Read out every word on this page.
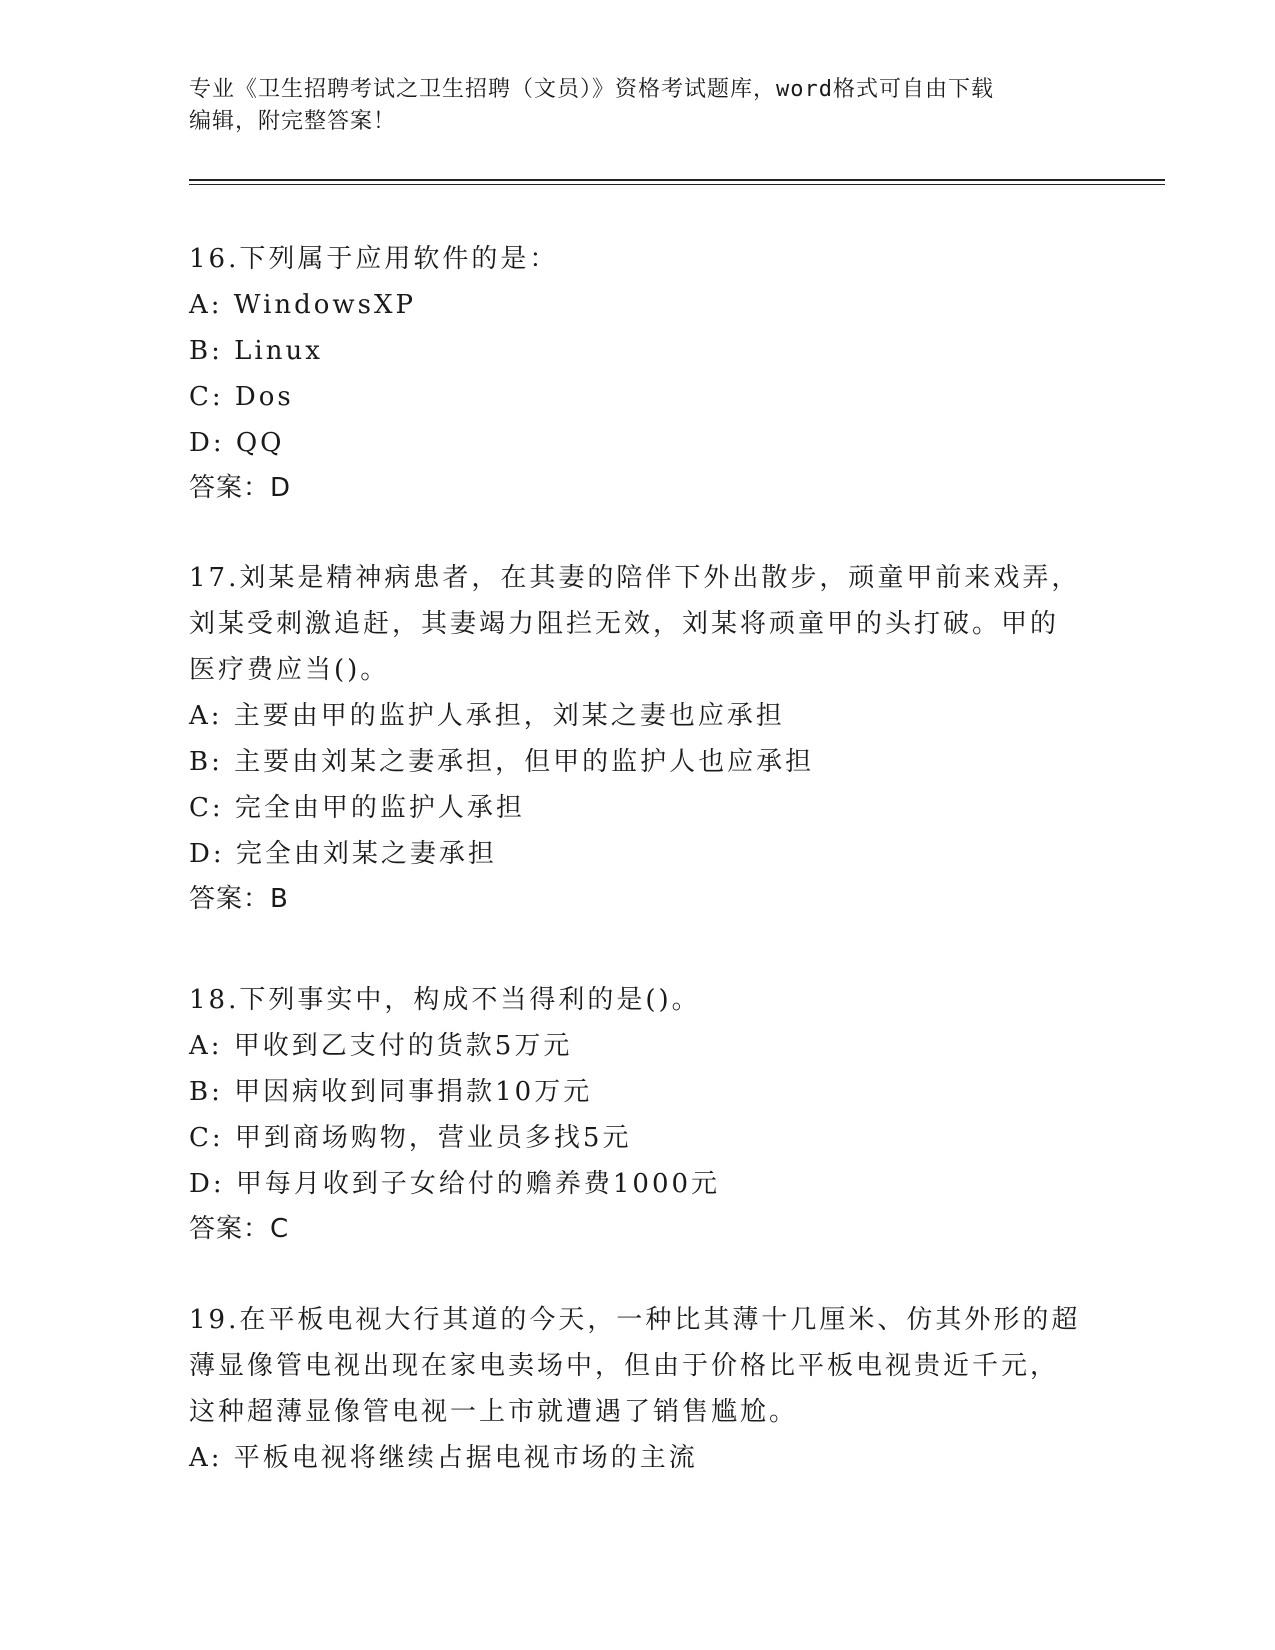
专业《卫生招聘考试之卫生招聘（文员）》资格考试题库，word格式可自由下载
编辑，附完整答案！
16.下列属于应用软件的是：
A: WindowsXP
B: Linux
C: Dos
D: QQ
答案：D
17.刘某是精神病患者，在其妻的陪伴下外出散步，顽童甲前来戏弄，
刘某受刺激追赶，其妻竭力阻拦无效，刘某将顽童甲的头打破。甲的
医疗费应当()。
A: 主要由甲的监护人承担，刘某之妻也应承担
B: 主要由刘某之妻承担，但甲的监护人也应承担
C: 完全由甲的监护人承担
D: 完全由刘某之妻承担
答案：B
18.下列事实中，构成不当得利的是()。
A: 甲收到乙支付的货款5万元
B: 甲因病收到同事捐款10万元
C: 甲到商场购物，营业员多找5元
D: 甲每月收到子女给付的赡养费1000元
答案：C
19.在平板电视大行其道的今天，一种比其薄十几厘米、仿其外形的超
薄显像管电视出现在家电卖场中，但由于价格比平板电视贵近千元，
这种超薄显像管电视一上市就遭遇了销售尴尬。
A: 平板电视将继续占据电视市场的主流
